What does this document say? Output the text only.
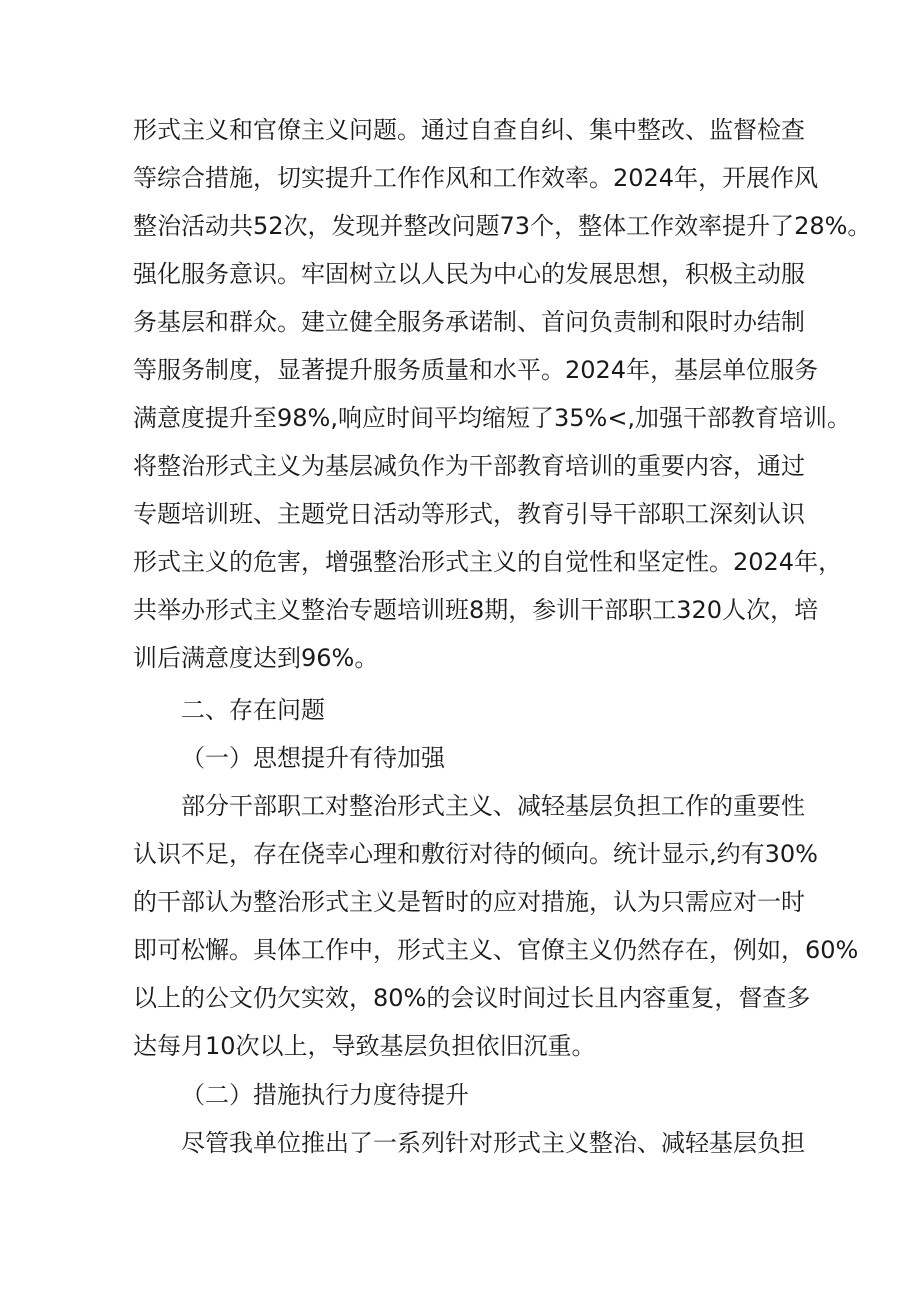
形式主义和官僚主义问题。通过自查自纠、集中整改、监督检查
等综合措施，切实提升工作作风和工作效率。2024年，开展作风
整治活动共52次，发现并整改问题73个，整体工作效率提升了28%。
强化服务意识。牢固树立以人民为中心的发展思想，积极主动服
务基层和群众。建立健全服务承诺制、首问负责制和限时办结制
等服务制度，显著提升服务质量和水平。2024年，基层单位服务
满意度提升至98%,响应时间平均缩短了35%<,加强干部教育培训。
将整治形式主义为基层减负作为干部教育培训的重要内容，通过
专题培训班、主题党日活动等形式，教育引导干部职工深刻认识
形式主义的危害，增强整治形式主义的自觉性和坚定性。2024年，
共举办形式主义整治专题培训班8期，参训干部职工320人次，培
训后满意度达到96%。
二、存在问题
（一）思想提升有待加强
部分干部职工对整治形式主义、减轻基层负担工作的重要性
认识不足，存在侥幸心理和敷衍对待的倾向。统计显示,约有30%
的干部认为整治形式主义是暂时的应对措施，认为只需应对一时
即可松懈。具体工作中，形式主义、官僚主义仍然存在，例如，60%
以上的公文仍欠实效，80%的会议时间过长且内容重复，督查多
达每月10次以上，导致基层负担依旧沉重。
（二）措施执行力度待提升
尽管我单位推出了一系列针对形式主义整治、减轻基层负担
